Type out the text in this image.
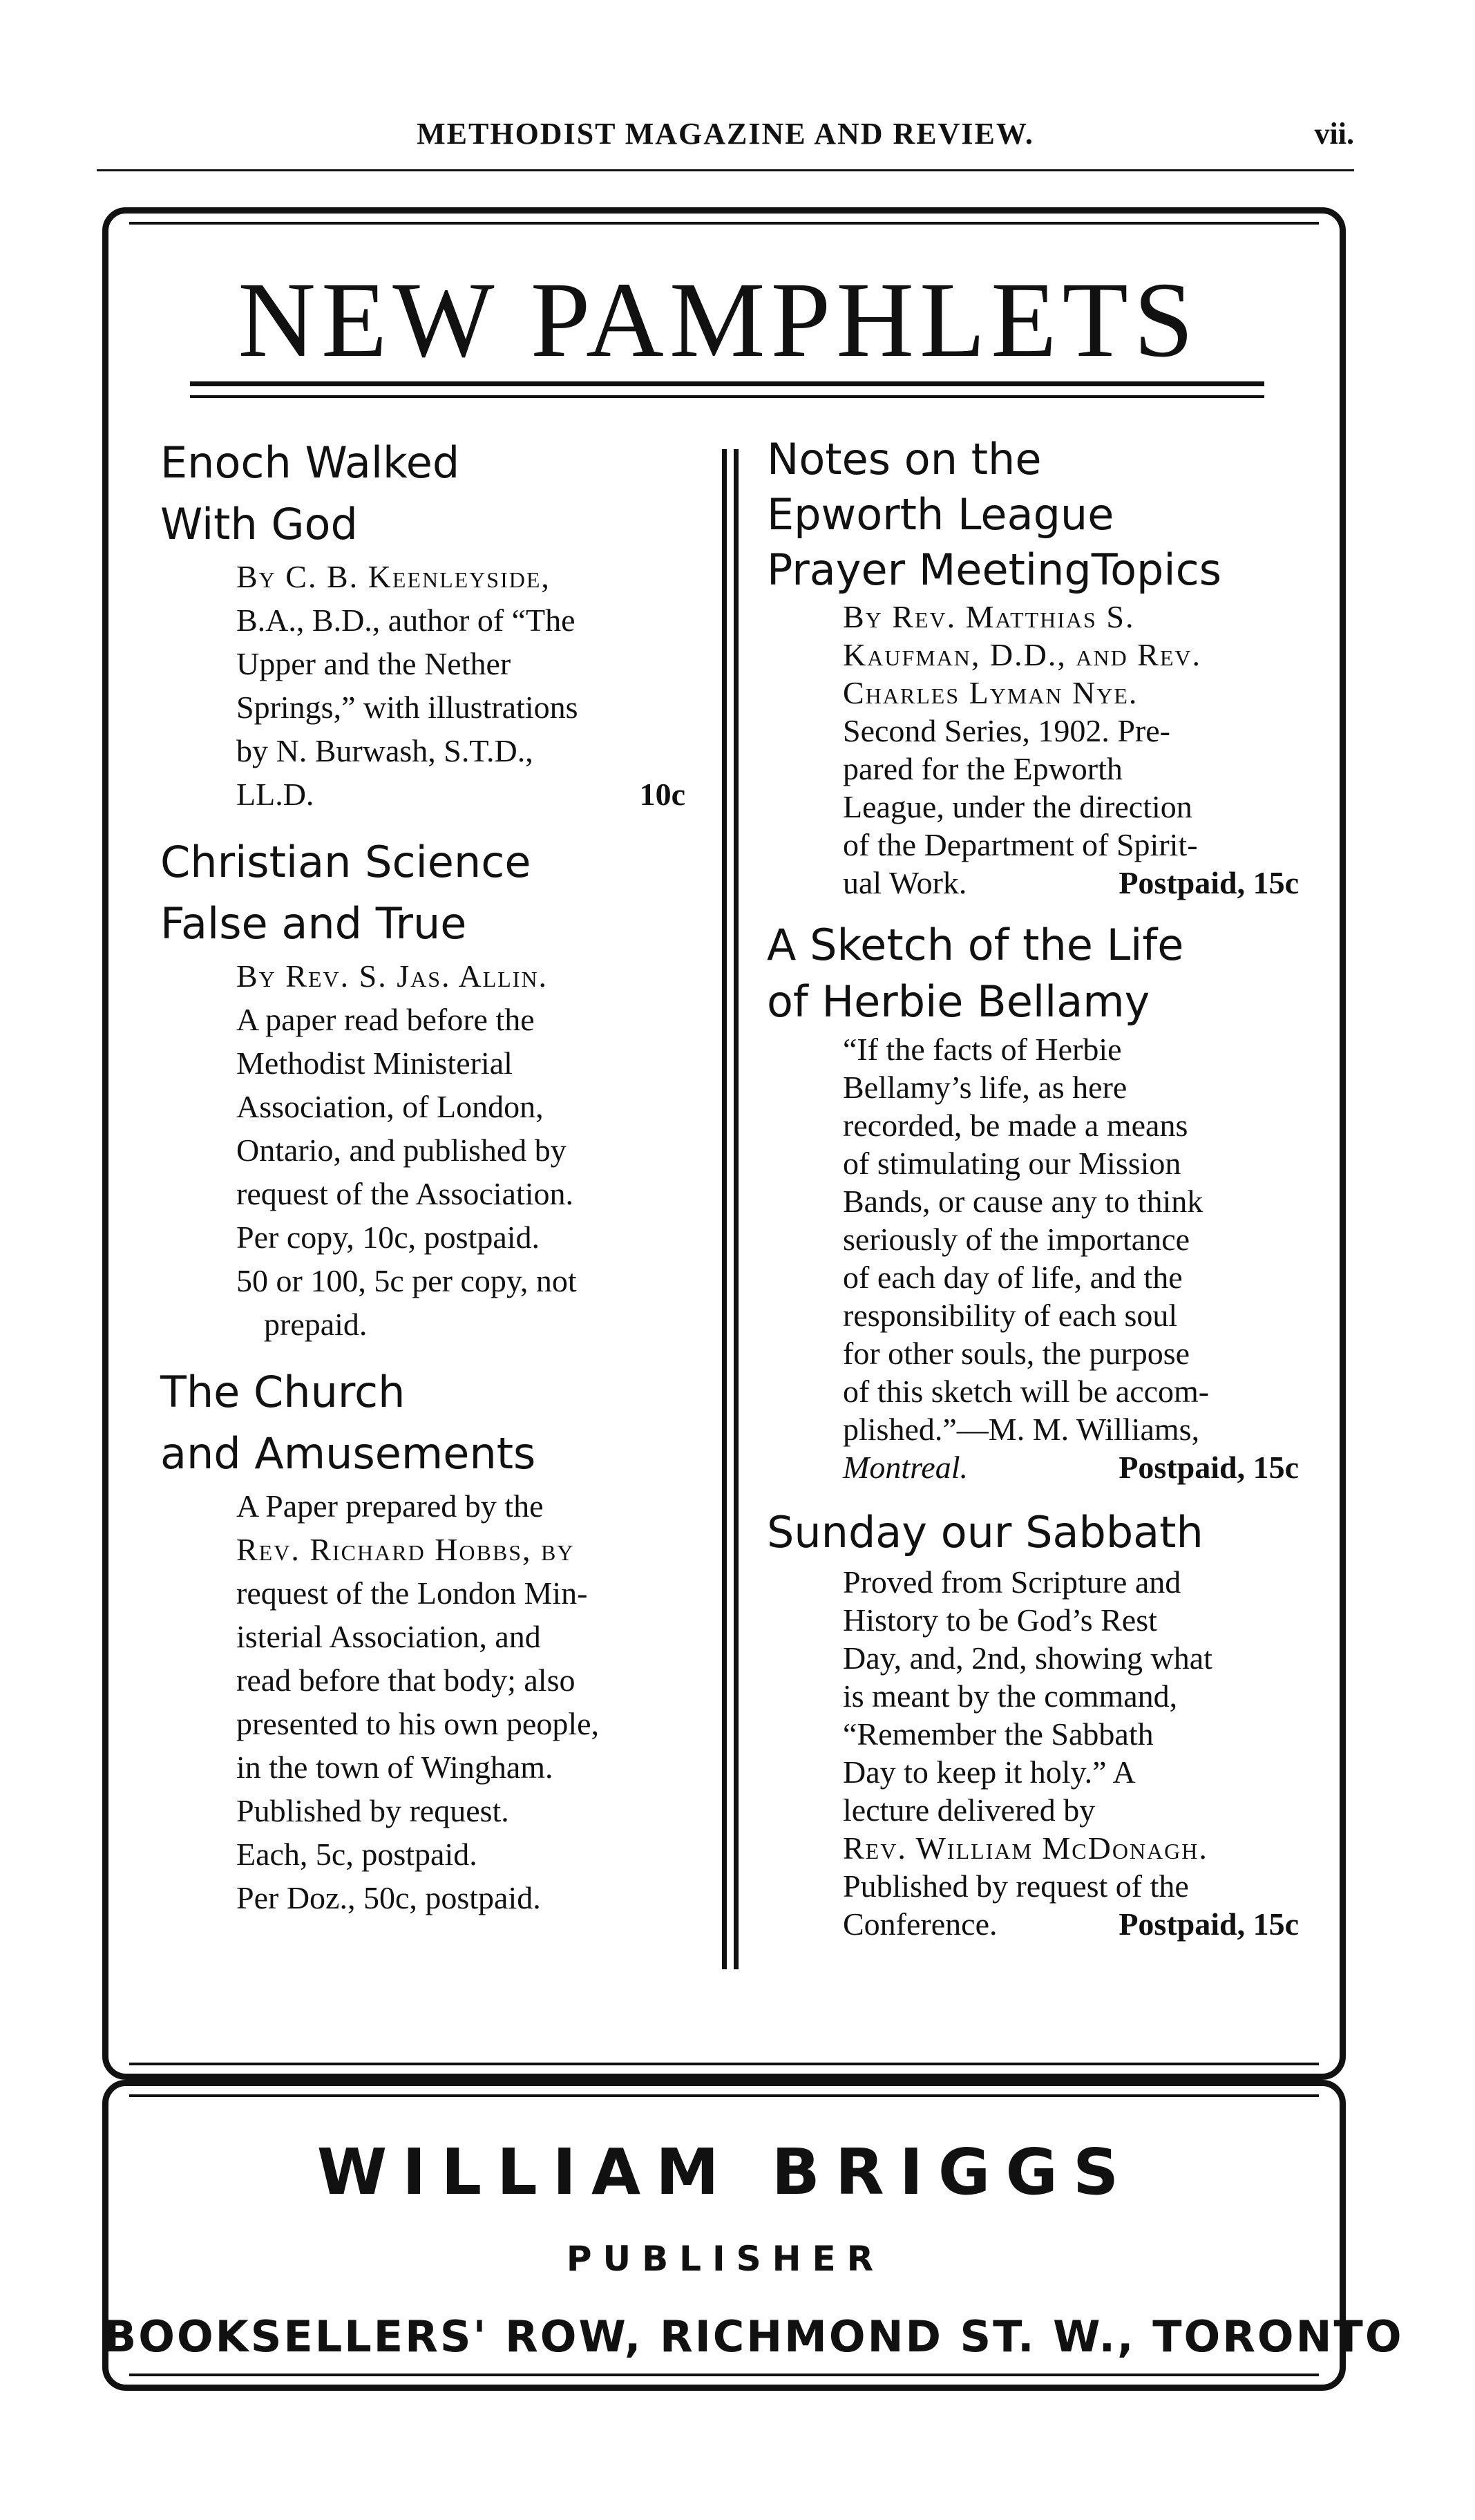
METHODIST MAGAZINE AND REVIEW.	vii.
NEW PAMPHLETS
Enoch Walked
With God

By C. B. Keenleyside,

B.A., B.D., author of “The

Upper and the Nether

Springs,” with illustrations

by N. Burwash, S.T.D.,

LL.D.	10c

Christian Science
False and True

By Rev. S. Jas. Allin.

A paper read before the

Methodist Ministerial

Association, of London,

Ontario, and published by

request of the Association.

Per copy, 10c, postpaid.

50 or 100, 5c per copy, not

prepaid.

The Church
and Amusements

A Paper prepared by the

Rev. Richard Hobbs, by

request of the London Min-

isterial Association, and

read before that body; also

presented to his own people,

in the town of Wingham.

Published by request.

Each, 5c, postpaid.

Per Doz., 50c, postpaid.

Notes on the
Epworth League
Prayer MeetingTopics

By Rev. Matthias S.

Kaufman, D.D., and Rev.

Charles Lyman Nye.

Second Series, 1902. Pre-

pared for the Epworth

League, under the direction

of the Department of Spirit-

ual Work.	Postpaid, 15c

A Sketch of the Life
of Herbie Bellamy

“If the facts of Herbie

Bellamy’s life, as here

recorded, be made a means

of stimulating our Mission

Bands, or cause any to think

seriously of the importance

of each day of life, and the

responsibility of each soul

for other souls, the purpose

of this sketch will be accom-

plished.”—M. M. Williams,

Montreal.	Postpaid, 15c

Sunday our Sabbath

Proved from Scripture and

History to be God’s Rest

Day, and, 2nd, showing what

is meant by the command,

“Remember the Sabbath

Day to keep it holy.” A

lecture delivered by

Rev. William McDonagh.

Published by request of the

Conference.	Postpaid, 15c

WILLIAM BRIGGS
PUBLISHER
BOOKSELLERS' ROW, RICHMOND ST. W., TORONTO
